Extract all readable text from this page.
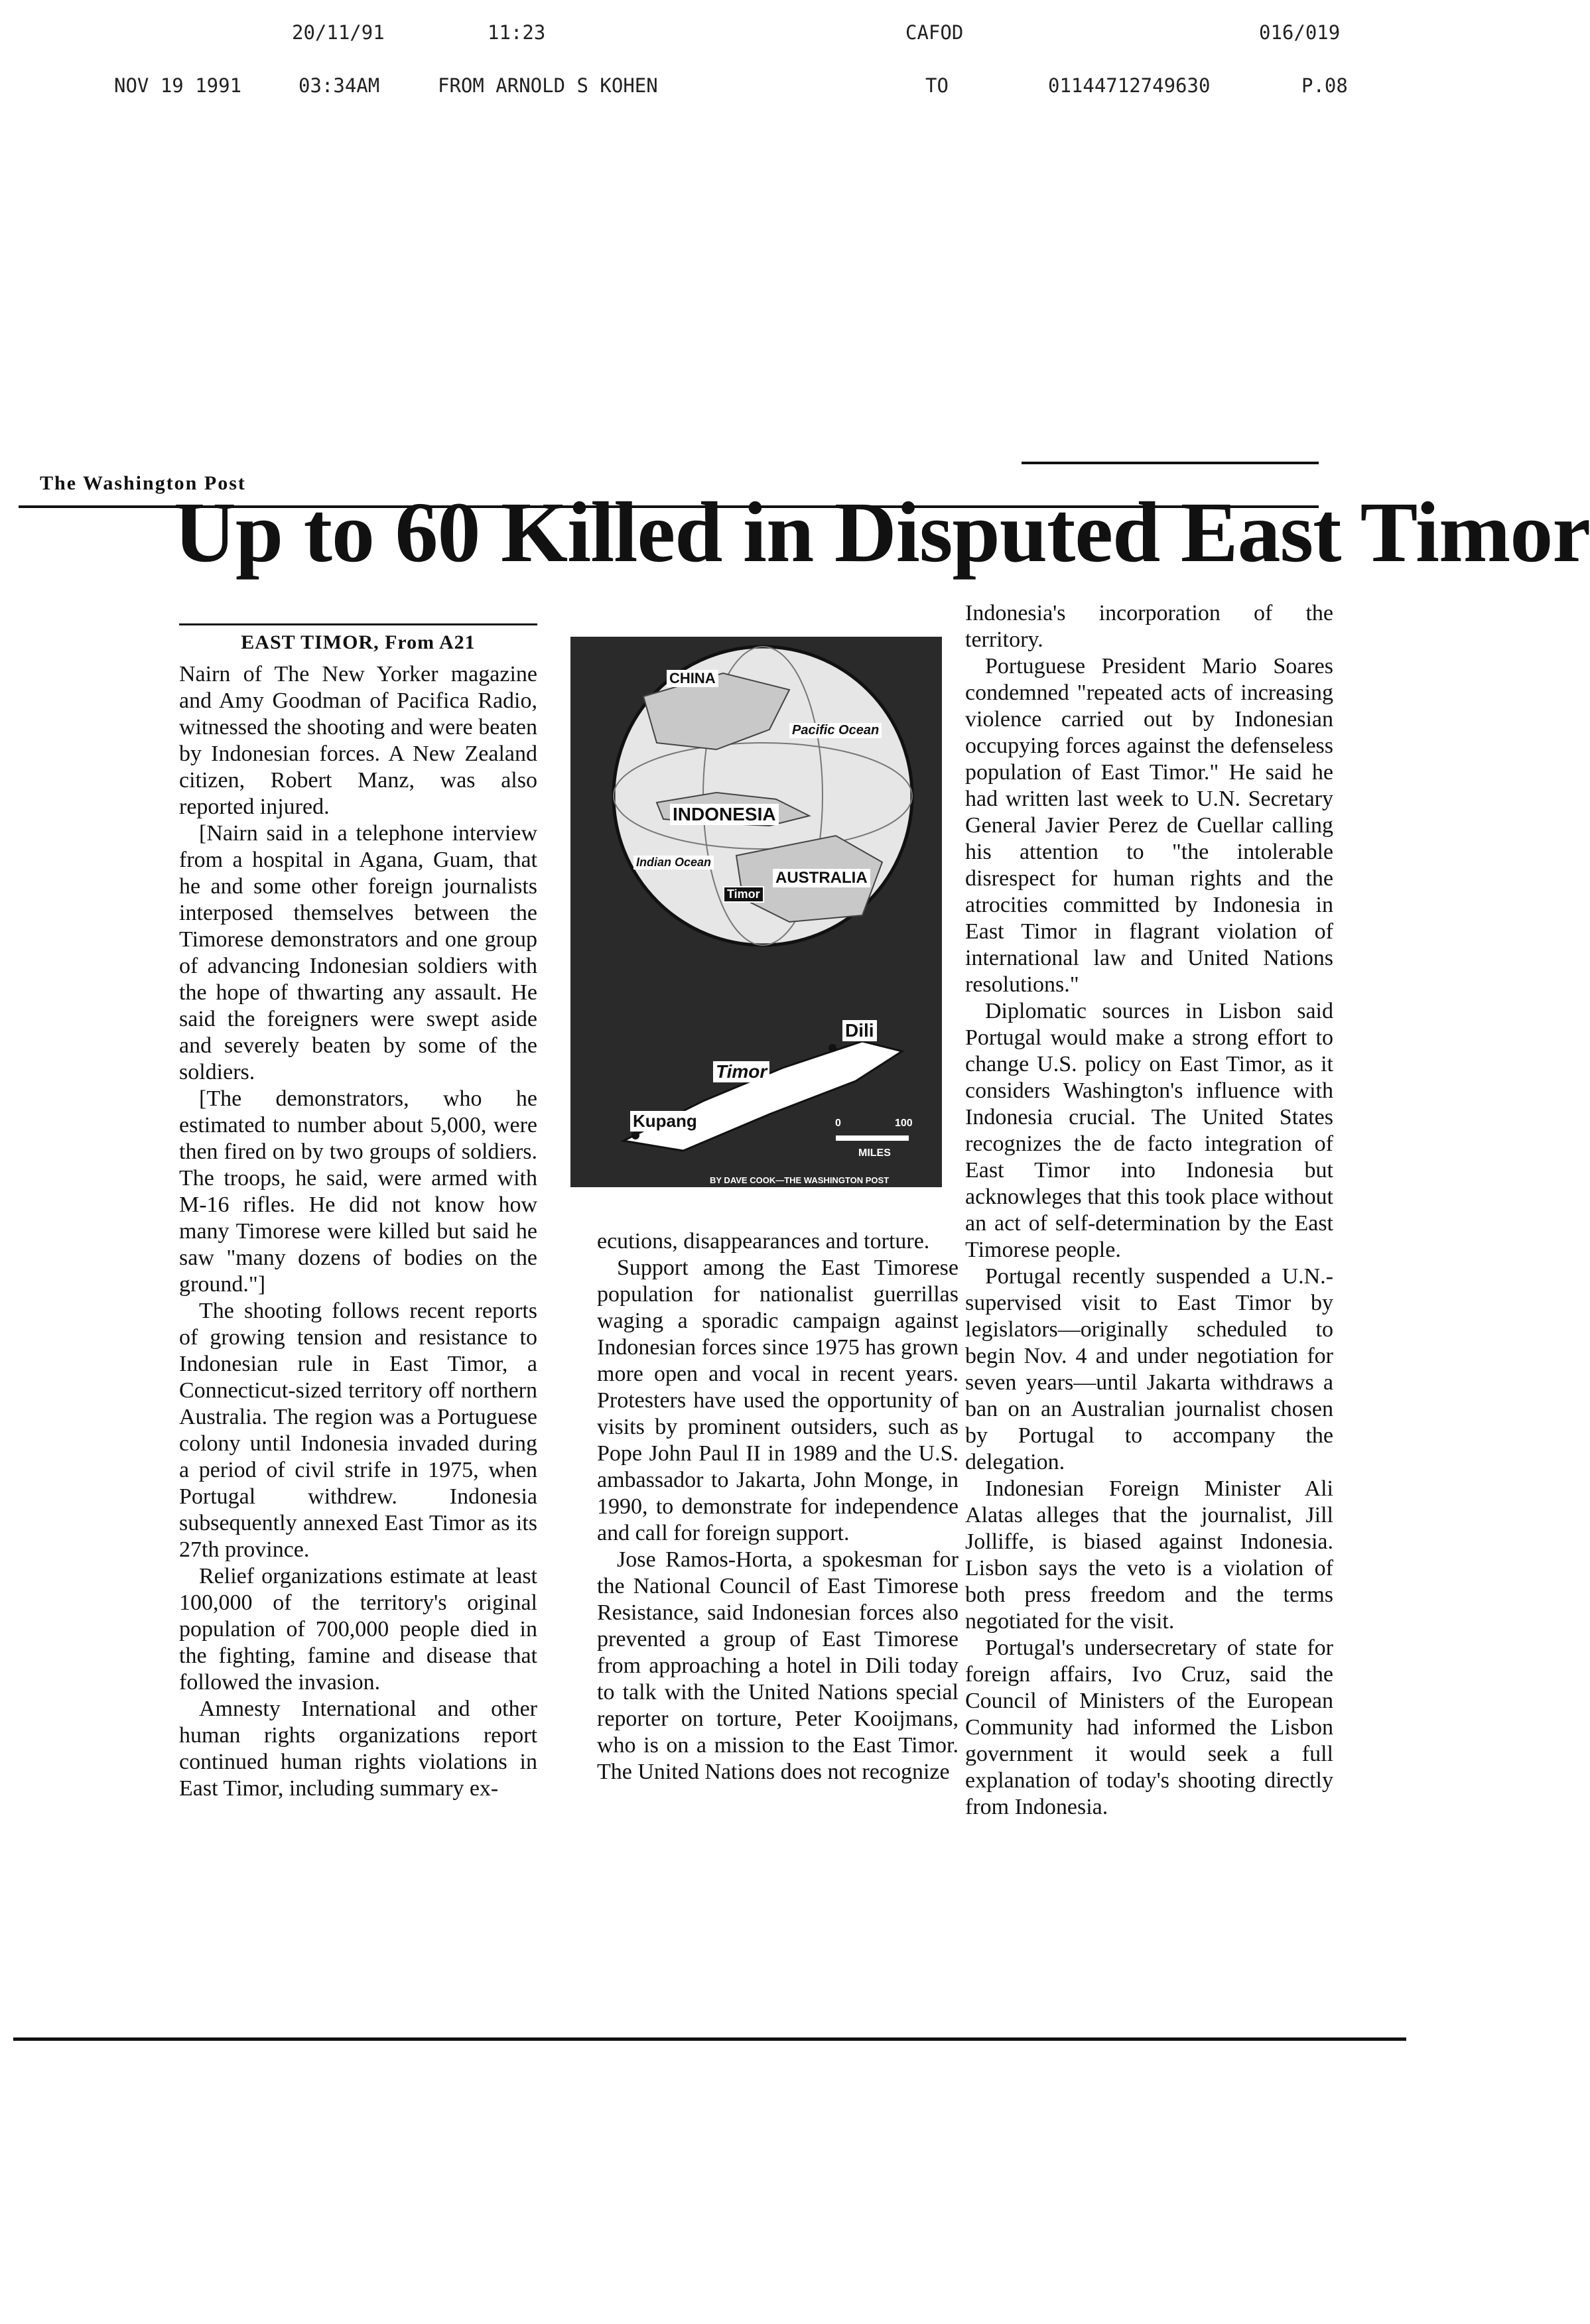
20/11/91	11:23	CAFOD	016/019
NOV 19 1991	03:34AM	FROM ARNOLD S KOHEN	TO	01144712749630	P.08
The Washington Post
Up to 60 Killed in Disputed East Timor
EAST TIMOR, From A21

Nairn of The New Yorker magazine and Amy Goodman of Pacifica Radio, witnessed the shooting and were beaten by Indonesian forces. A New Zealand citizen, Robert Manz, was also reported injured.

[Nairn said in a telephone interview from a hospital in Agana, Guam, that he and some other foreign journalists interposed themselves between the Timorese demonstrators and one group of advancing Indonesian soldiers with the hope of thwarting any assault. He said the foreigners were swept aside and severely beaten by some of the soldiers.

[The demonstrators, who he estimated to number about 5,000, were then fired on by two groups of soldiers. The troops, he said, were armed with M-16 rifles. He did not know how many Timorese were killed but said he saw "many dozens of bodies on the ground."]

The shooting follows recent reports of growing tension and resistance to Indonesian rule in East Timor, a Connecticut-sized territory off northern Australia. The region was a Portuguese colony until Indonesia invaded during a period of civil strife in 1975, when Portugal withdrew. Indonesia subsequently annexed East Timor as its 27th province.

Relief organizations estimate at least 100,000 of the territory's original population of 700,000 people died in the fighting, famine and disease that followed the invasion.

Amnesty International and other human rights organizations report continued human rights violations in East Timor, including summary ex-

CHINA
Pacific Ocean
INDONESIA
AUSTRALIA
Indian Ocean
Timor
Dili
Timor
Kupang	0	100
MILES
BY DAVE COOK—THE WASHINGTON POST

ecutions, disappearances and torture.

Support among the East Timorese population for nationalist guerrillas waging a sporadic campaign against Indonesian forces since 1975 has grown more open and vocal in recent years. Protesters have used the opportunity of visits by prominent outsiders, such as Pope John Paul II in 1989 and the U.S. ambassador to Jakarta, John Monge, in 1990, to demonstrate for independence and call for foreign support.

Jose Ramos-Horta, a spokesman for the National Council of East Timorese Resistance, said Indonesian forces also prevented a group of East Timorese from approaching a hotel in Dili today to talk with the United Nations special reporter on torture, Peter Kooijmans, who is on a mission to the East Timor. The United Nations does not recognize

Indonesia's incorporation of the territory.

Portuguese President Mario Soares condemned "repeated acts of increasing violence carried out by Indonesian occupying forces against the defenseless population of East Timor." He said he had written last week to U.N. Secretary General Javier Perez de Cuellar calling his attention to "the intolerable disrespect for human rights and the atrocities committed by Indonesia in East Timor in flagrant violation of international law and United Nations resolutions."

Diplomatic sources in Lisbon said Portugal would make a strong effort to change U.S. policy on East Timor, as it considers Washington's influence with Indonesia crucial. The United States recognizes the de facto integration of East Timor into Indonesia but acknowleges that this took place without an act of self-determination by the East Timorese people.

Portugal recently suspended a U.N.-supervised visit to East Timor by legislators—originally scheduled to begin Nov. 4 and under negotiation for seven years—until Jakarta withdraws a ban on an Australian journalist chosen by Portugal to accompany the delegation.

Indonesian Foreign Minister Ali Alatas alleges that the journalist, Jill Jolliffe, is biased against Indonesia. Lisbon says the veto is a violation of both press freedom and the terms negotiated for the visit.

Portugal's undersecretary of state for foreign affairs, Ivo Cruz, said the Council of Ministers of the European Community had informed the Lisbon government it would seek a full explanation of today's shooting directly from Indonesia.
